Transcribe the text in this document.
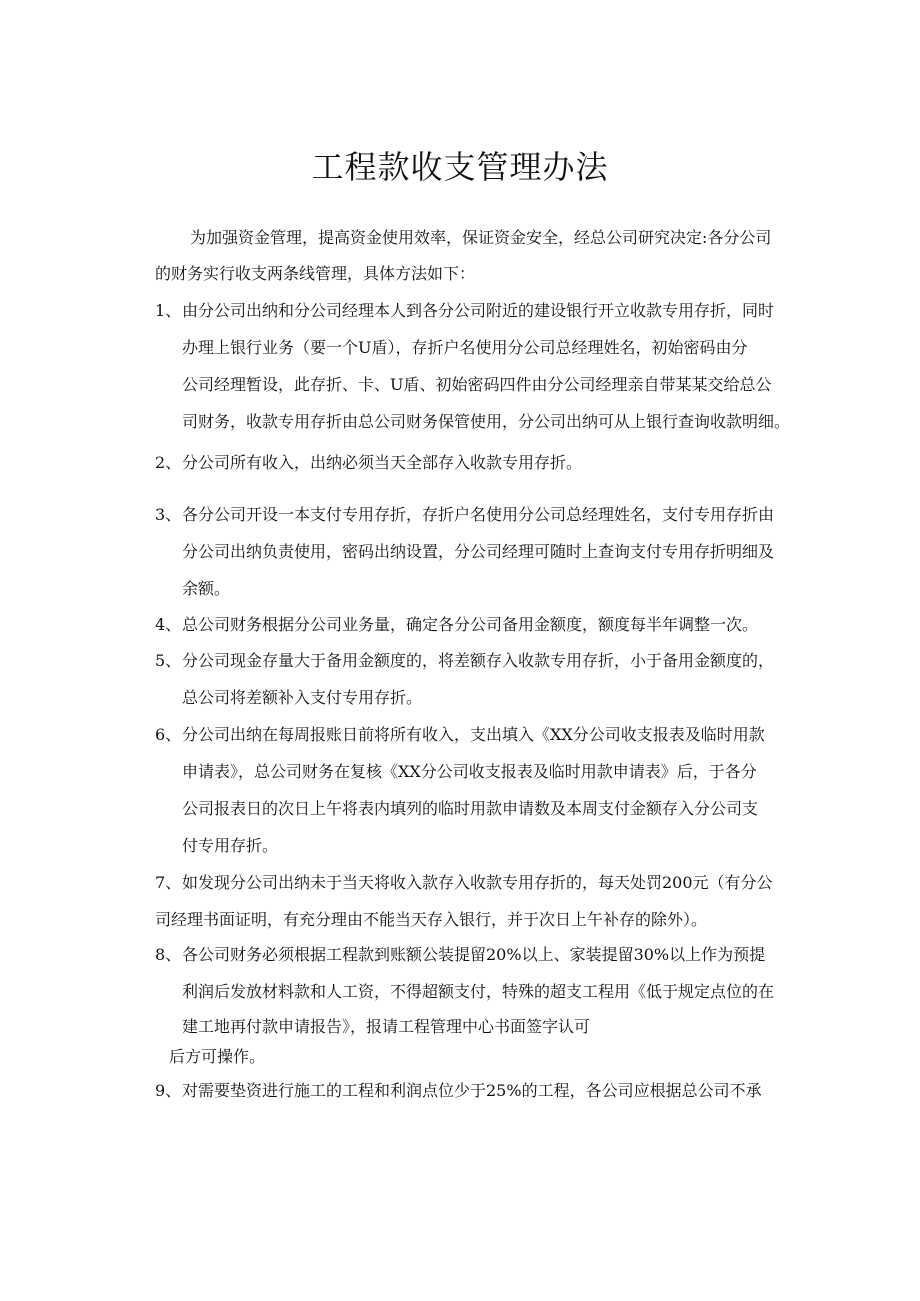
工程款收支管理办法

为加强资金管理，提高资金使用效率，保证资金安全，经总公司研究决定:各分公司

的财务实行收支两条线管理，具体方法如下：

1、 由分公司出纳和分公司经理本人到各分公司附近的建设银行开立收款专用存折，同时
办理上银行业务（要一个U盾），存折户名使用分公司总经理姓名，初始密码由分
公司经理暂设，此存折、卡、U盾、初始密码四件由分公司经理亲自带某某交给总公
司财务，收款专用存折由总公司财务保管使用，分公司出纳可从上银行查询收款明细。
2、 分公司所有收入，出纳必须当天全部存入收款专用存折。
3、 各分公司开设一本支付专用存折，存折户名使用分公司总经理姓名，支付专用存折由
分公司出纳负责使用，密码出纳设置，分公司经理可随时上查询支付专用存折明细及
余额。
4、 总公司财务根据分公司业务量，确定各分公司备用金额度，额度每半年调整一次。
5、 分公司现金存量大于备用金额度的，将差额存入收款专用存折，小于备用金额度的，
总公司将差额补入支付专用存折。
6、 分公司出纳在每周报账日前将所有收入，支出填入《XX分公司收支报表及临时用款
申请表》，总公司财务在复核《XX分公司收支报表及临时用款申请表》后，于各分
公司报表日的次日上午将表内填列的临时用款申请数及本周支付金额存入分公司支
付专用存折。
7、 如发现分公司出纳未于当天将收入款存入收款专用存折的，每天处罚200元（有分公
司经理书面证明，有充分理由不能当天存入银行，并于次日上午补存的除外）。
8、 各公司财务必须根据工程款到账额公装提留20%以上、家装提留30%以上作为预提
利润后发放材料款和人工资，不得超额支付，特殊的超支工程用《低于规定点位的在
建工地再付款申请报告》，报请工程管理中心书面签字认可
后方可操作。
9、 对需要垫资进行施工的工程和利润点位少于25%的工程，各公司应根据总公司不承
